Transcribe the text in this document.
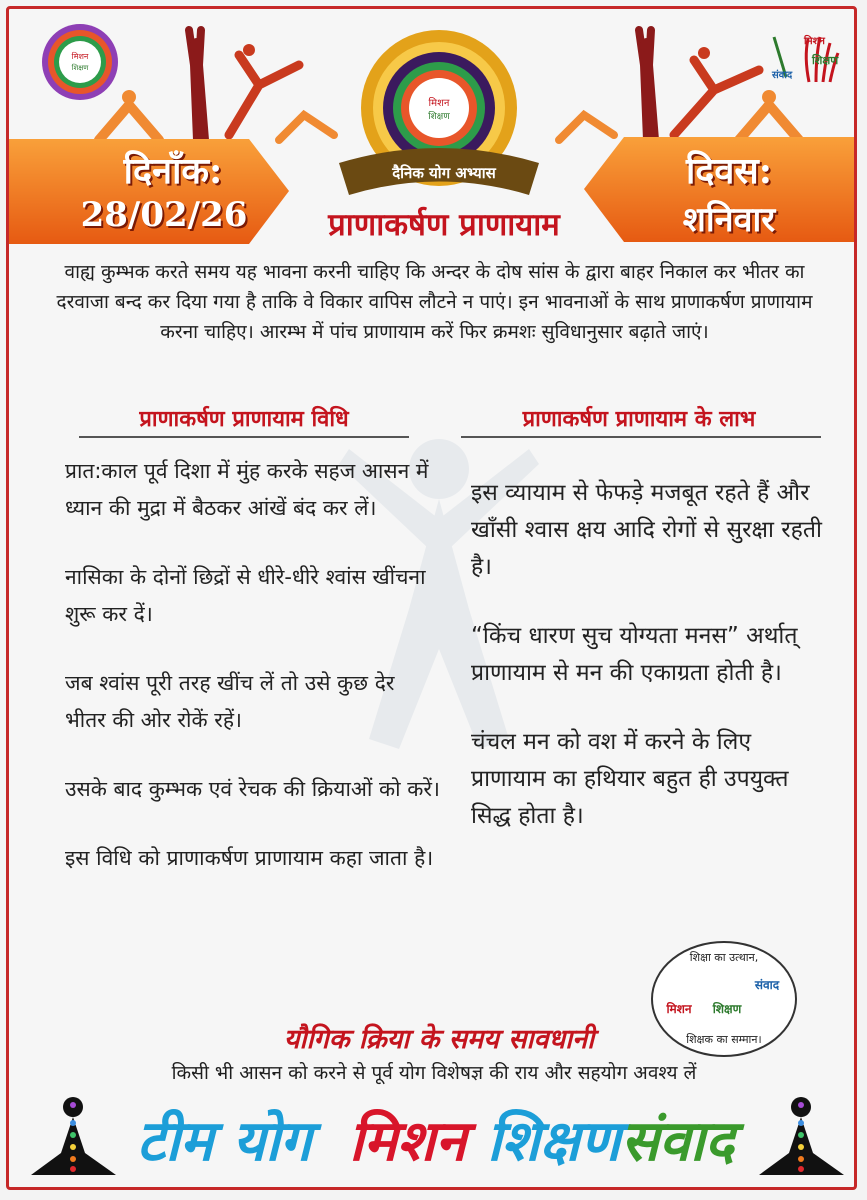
मिशन
शिक्षण
मिशन
शिक्षण
संवाद
दिनाँक:
28/02/26
दिवस:
शनिवार
मिशन
शिक्षण
दैनिक योग अभ्यास
प्राणाकर्षण प्राणायाम
वाह्य कुम्भक करते समय यह भावना करनी चाहिए कि अन्दर के दोष सांस के द्वारा बाहर निकाल कर भीतर का दरवाजा बन्द कर दिया गया है ताकि वे विकार वापिस लौटने न पाएं। इन भावनाओं के साथ प्राणाकर्षण प्राणायाम करना चाहिए। आरम्भ में पांच प्राणायाम करें फिर क्रमशः सुविधानुसार बढ़ाते जाएं।
प्राणाकर्षण प्राणायाम विधि

प्रात:काल पूर्व दिशा में मुंह करके सहज आसन में ध्यान की मुद्रा में बैठकर आंखें बंद कर लें।

नासिका के दोनों छिद्रों से धीरे-धीरे श्वांस खींचना शुरू कर दें।

जब श्वांस पूरी तरह खींच लें तो उसे कुछ देर भीतर की ओर रोकें रहें।

उसके बाद कुम्भक एवं रेचक की क्रियाओं को करें।

इस विधि को प्राणाकर्षण प्राणायाम कहा जाता है।

प्राणाकर्षण प्राणायाम के लाभ

इस व्यायाम से फेफड़े मजबूत रहते हैं और खाँसी श्वास क्षय आदि रोगों से सुरक्षा रहती है।

“किंच धारण सुच योग्यता मनस” अर्थात् प्राणायाम से मन की एकाग्रता होती है।

चंचल मन को वश में करने के लिए प्राणायाम का हथियार बहुत ही उपयुक्त सिद्ध होता है।

शिक्षा का उत्थान,
मिशन शिक्षण
संवाद
शिक्षक का सम्मान।
यौगिक क्रिया के समय सावधानी
किसी भी आसन को करने से पूर्व योग विशेषज्ञ की राय और सहयोग अवश्य लें
टीम योग मिशन शिक्षण संवाद
